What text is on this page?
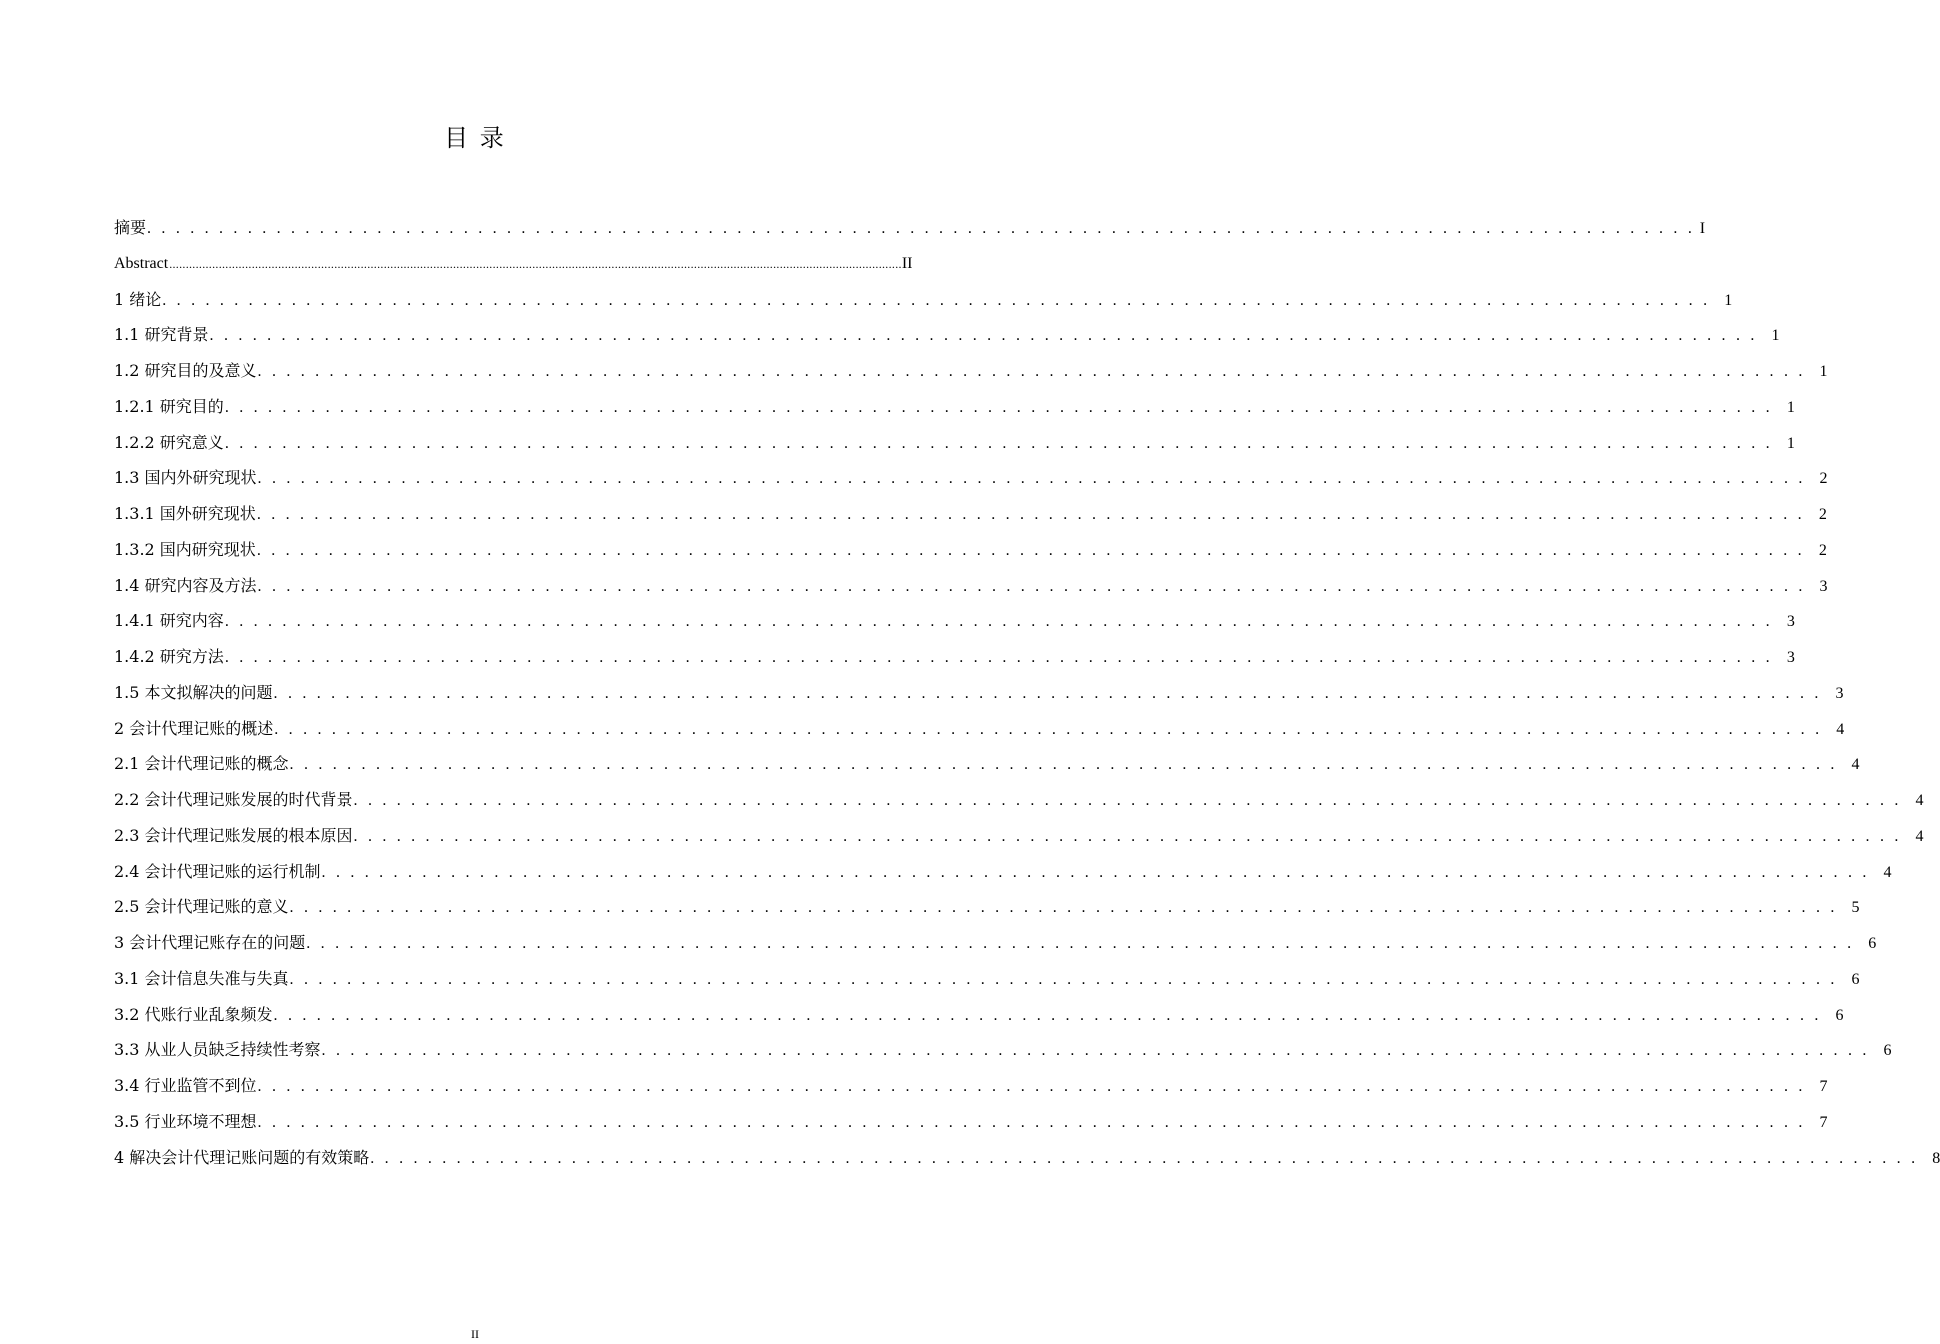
目 录
摘要 . . . . . . . . . . . . . . . . . . . . . . . . . . . . . . . . . . . . . . . . . . . . . . . . . . . . . . . . . . . . . . . . . . . . . . . . . . . . . . . . . . . . . . . . . . . . . . . . . . . . . . . . . . . . I
Abstract .............................................................................................................................................................................................................................. II
1 绪论 . . . . . . . . . . . . . . . . . . . . . . . . . . . . . . . . . . . . . . . . . . . . . . . . . . . . . . . . . . . . . . . . . . . . . . . . . . . . . . . . . . . . . . . . . . . . . . . . . . . . . . . . . . . . 1
1.1 研究背景 . . . . . . . . . . . . . . . . . . . . . . . . . . . . . . . . . . . . . . . . . . . . . . . . . . . . . . . . . . . . . . . . . . . . . . . . . . . . . . . . . . . . . . . . . . . . . . . . . . . . . . . . . . . . 1
1.2 研究目的及意义 . . . . . . . . . . . . . . . . . . . . . . . . . . . . . . . . . . . . . . . . . . . . . . . . . . . . . . . . . . . . . . . . . . . . . . . . . . . . . . . . . . . . . . . . . . . . . . . . . . . . . . . . . . . . 1
1.2.1 研究目的 . . . . . . . . . . . . . . . . . . . . . . . . . . . . . . . . . . . . . . . . . . . . . . . . . . . . . . . . . . . . . . . . . . . . . . . . . . . . . . . . . . . . . . . . . . . . . . . . . . . . . . . . . . . . 1
1.2.2 研究意义 . . . . . . . . . . . . . . . . . . . . . . . . . . . . . . . . . . . . . . . . . . . . . . . . . . . . . . . . . . . . . . . . . . . . . . . . . . . . . . . . . . . . . . . . . . . . . . . . . . . . . . . . . . . . 1
1.3 国内外研究现状 . . . . . . . . . . . . . . . . . . . . . . . . . . . . . . . . . . . . . . . . . . . . . . . . . . . . . . . . . . . . . . . . . . . . . . . . . . . . . . . . . . . . . . . . . . . . . . . . . . . . . . . . . . . . 2
1.3.1 国外研究现状 . . . . . . . . . . . . . . . . . . . . . . . . . . . . . . . . . . . . . . . . . . . . . . . . . . . . . . . . . . . . . . . . . . . . . . . . . . . . . . . . . . . . . . . . . . . . . . . . . . . . . . . . . . . . 2
1.3.2 国内研究现状 . . . . . . . . . . . . . . . . . . . . . . . . . . . . . . . . . . . . . . . . . . . . . . . . . . . . . . . . . . . . . . . . . . . . . . . . . . . . . . . . . . . . . . . . . . . . . . . . . . . . . . . . . . . . 2
1.4 研究内容及方法 . . . . . . . . . . . . . . . . . . . . . . . . . . . . . . . . . . . . . . . . . . . . . . . . . . . . . . . . . . . . . . . . . . . . . . . . . . . . . . . . . . . . . . . . . . . . . . . . . . . . . . . . . . . . 3
1.4.1 研究内容 . . . . . . . . . . . . . . . . . . . . . . . . . . . . . . . . . . . . . . . . . . . . . . . . . . . . . . . . . . . . . . . . . . . . . . . . . . . . . . . . . . . . . . . . . . . . . . . . . . . . . . . . . . . . 3
1.4.2 研究方法 . . . . . . . . . . . . . . . . . . . . . . . . . . . . . . . . . . . . . . . . . . . . . . . . . . . . . . . . . . . . . . . . . . . . . . . . . . . . . . . . . . . . . . . . . . . . . . . . . . . . . . . . . . . . 3
1.5 本文拟解决的问题 . . . . . . . . . . . . . . . . . . . . . . . . . . . . . . . . . . . . . . . . . . . . . . . . . . . . . . . . . . . . . . . . . . . . . . . . . . . . . . . . . . . . . . . . . . . . . . . . . . . . . . . . . . . . 3
2 会计代理记账的概述 . . . . . . . . . . . . . . . . . . . . . . . . . . . . . . . . . . . . . . . . . . . . . . . . . . . . . . . . . . . . . . . . . . . . . . . . . . . . . . . . . . . . . . . . . . . . . . . . . . . . . . . . . . . . 4
2.1 会计代理记账的概念 . . . . . . . . . . . . . . . . . . . . . . . . . . . . . . . . . . . . . . . . . . . . . . . . . . . . . . . . . . . . . . . . . . . . . . . . . . . . . . . . . . . . . . . . . . . . . . . . . . . . . . . . . . . . 4
2.2 会计代理记账发展的时代背景 . . . . . . . . . . . . . . . . . . . . . . . . . . . . . . . . . . . . . . . . . . . . . . . . . . . . . . . . . . . . . . . . . . . . . . . . . . . . . . . . . . . . . . . . . . . . . . . . . . . . . . . . . . . . 4
2.3 会计代理记账发展的根本原因 . . . . . . . . . . . . . . . . . . . . . . . . . . . . . . . . . . . . . . . . . . . . . . . . . . . . . . . . . . . . . . . . . . . . . . . . . . . . . . . . . . . . . . . . . . . . . . . . . . . . . . . . . . . . 4
2.4 会计代理记账的运行机制 . . . . . . . . . . . . . . . . . . . . . . . . . . . . . . . . . . . . . . . . . . . . . . . . . . . . . . . . . . . . . . . . . . . . . . . . . . . . . . . . . . . . . . . . . . . . . . . . . . . . . . . . . . . . 4
2.5 会计代理记账的意义 . . . . . . . . . . . . . . . . . . . . . . . . . . . . . . . . . . . . . . . . . . . . . . . . . . . . . . . . . . . . . . . . . . . . . . . . . . . . . . . . . . . . . . . . . . . . . . . . . . . . . . . . . . . . 5
3 会计代理记账存在的问题 . . . . . . . . . . . . . . . . . . . . . . . . . . . . . . . . . . . . . . . . . . . . . . . . . . . . . . . . . . . . . . . . . . . . . . . . . . . . . . . . . . . . . . . . . . . . . . . . . . . . . . . . . . . . 6
3.1 会计信息失准与失真 . . . . . . . . . . . . . . . . . . . . . . . . . . . . . . . . . . . . . . . . . . . . . . . . . . . . . . . . . . . . . . . . . . . . . . . . . . . . . . . . . . . . . . . . . . . . . . . . . . . . . . . . . . . . 6
3.2 代账行业乱象频发 . . . . . . . . . . . . . . . . . . . . . . . . . . . . . . . . . . . . . . . . . . . . . . . . . . . . . . . . . . . . . . . . . . . . . . . . . . . . . . . . . . . . . . . . . . . . . . . . . . . . . . . . . . . . 6
3.3 从业人员缺乏持续性考察 . . . . . . . . . . . . . . . . . . . . . . . . . . . . . . . . . . . . . . . . . . . . . . . . . . . . . . . . . . . . . . . . . . . . . . . . . . . . . . . . . . . . . . . . . . . . . . . . . . . . . . . . . . . . 6
3.4 行业监管不到位 . . . . . . . . . . . . . . . . . . . . . . . . . . . . . . . . . . . . . . . . . . . . . . . . . . . . . . . . . . . . . . . . . . . . . . . . . . . . . . . . . . . . . . . . . . . . . . . . . . . . . . . . . . . . 7
3.5 行业环境不理想 . . . . . . . . . . . . . . . . . . . . . . . . . . . . . . . . . . . . . . . . . . . . . . . . . . . . . . . . . . . . . . . . . . . . . . . . . . . . . . . . . . . . . . . . . . . . . . . . . . . . . . . . . . . . 7
4 解决会计代理记账问题的有效策略 . . . . . . . . . . . . . . . . . . . . . . . . . . . . . . . . . . . . . . . . . . . . . . . . . . . . . . . . . . . . . . . . . . . . . . . . . . . . . . . . . . . . . . . . . . . . . . . . . . . . . . . . . . . . 8
II
